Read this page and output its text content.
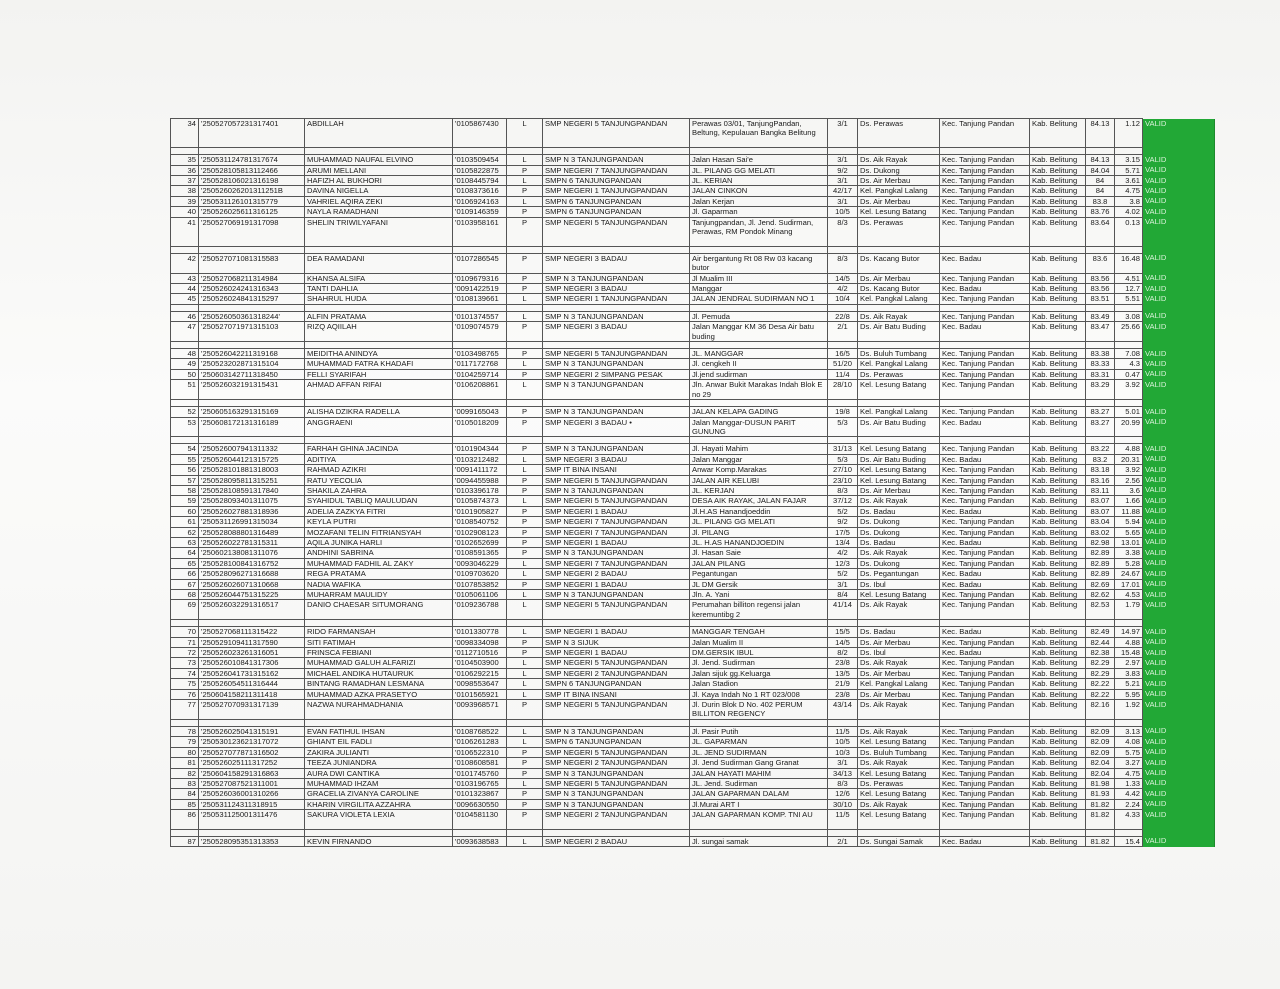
34	'250527057231317401	ABDILLAH	'0105867430	L	SMP NEGERI 5 TANJUNGPANDAN	Perawas 03/01, TanjungPandan, Beltung, Kepulauan Bangka Belitung	3/1	Ds. Perawas	Kec. Tanjung Pandan	Kab. Belitung	84.13	1.12	VALID

35	'250531124781317674	MUHAMMAD NAUFAL ELVINO	'0103509454	L	SMP N 3 TANJUNGPANDAN	Jalan Hasan Sai'e	3/1	Ds. Aik Rayak	Kec. Tanjung Pandan	Kab. Belitung	84.13	3.15	VALID
36	'250528105813112466	ARUMI MELLANI	'0105822875	P	SMP NEGERI 7 TANJUNGPANDAN	JL. PILANG GG MELATI	9/2	Ds. Dukong	Kec. Tanjung Pandan	Kab. Belitung	84.04	5.71	VALID
37	'250528106021316198	HAFIZH AL BUKHORI	'0108445794	L	SMPN 6 TANJUNGPANDAN	JL. KERIAN	3/1	Ds. Air Merbau	Kec. Tanjung Pandan	Kab. Belitung	84	3.61	VALID
38	'250526026201311251B	DAVINA NIGELLA	'0108373616	P	SMP NEGERI 1 TANJUNGPANDAN	JALAN CINKON	42/17	Kel. Pangkal Lalang	Kec. Tanjung Pandan	Kab. Belitung	84	4.75	VALID
39	'250531126101315779	VAHRIEL AQIRA ZEKI	'0106924163	L	SMPN 6 TANJUNGPANDAN	Jalan Kerjan	3/1	Ds. Air Merbau	Kec. Tanjung Pandan	Kab. Belitung	83.8	3.8	VALID
40	'250526025611316125	NAYLA RAMADHANI	'0109146359	P	SMPN 6 TANJUNGPANDAN	Jl. Gaparman	10/5	Kel. Lesung Batang	Kec. Tanjung Pandan	Kab. Belitung	83.76	4.02	VALID
41	'250527069191317098	SHELIN TRIWILYAFANI	'0103958161	P	SMP NEGERI 5 TANJUNGPANDAN	Tanjungpandan, Jl. Jend. Sudirman, Perawas, RM Pondok Minang	8/3	Ds. Perawas	Kec. Tanjung Pandan	Kab. Belitung	83.64	0.13	VALID

42	'250527071081315583	DEA RAMADANI	'0107286545	P	SMP NEGERI 3 BADAU	Air bergantung Rt 08 Rw 03 kacang butor	8/3	Ds. Kacang Butor	Kec. Badau	Kab. Belitung	83.6	16.48	VALID
43	'250527068211314984	KHANSA ALSIFA	'0109679316	P	SMP N 3 TANJUNGPANDAN	Jl Mualim III	14/5	Ds. Air Merbau	Kec. Tanjung Pandan	Kab. Belitung	83.56	4.51	VALID
44	'250526024241316343	TANTI DAHLIA	'0091422519	P	SMP NEGERI 3 BADAU	Manggar	4/2	Ds. Kacang Butor	Kec. Badau	Kab. Belitung	83.56	12.7	VALID
45	'250526024841315297	SHAHRUL HUDA	'0108139661	L	SMP NEGERI 1 TANJUNGPANDAN	JALAN JENDRAL SUDIRMAN NO 1	10/4	Kel. Pangkal Lalang	Kec. Tanjung Pandan	Kab. Belitung	83.51	5.51	VALID

46	'250526050361318244'	ALFIN PRATAMA	'0101374557	L	SMP N 3 TANJUNGPANDAN	Jl. Pemuda	22/8	Ds. Aik Rayak	Kec. Tanjung Pandan	Kab. Belitung	83.49	3.08	VALID
47	'250527071971315103	RIZQ AQIILAH	'0109074579	P	SMP NEGERI 3 BADAU	Jalan Manggar KM 36 Desa Air batu buding	2/1	Ds. Air Batu Buding	Kec. Badau	Kab. Belitung	83.47	25.66	VALID

48	'250526042211319168	MEIDITHA ANINDYA	'0103498765	P	SMP NEGERI 5 TANJUNGPANDAN	JL. MANGGAR	16/5	Ds. Buluh Tumbang	Kec. Tanjung Pandan	Kab. Belitung	83.38	7.08	VALID
49	'250523202871315104	MUHAMMAD FATRA KHADAFI	'0117172768	L	SMP N 3 TANJUNGPANDAN	Jl. cengkeh II	51/20	Kel. Pangkal Lalang	Kec. Tanjung Pandan	Kab. Belitung	83.33	4.3	VALID
50	'250603142711318450	FELLI SYARIFAH	'0104259714	P	SMP NEGERI 2 SIMPANG PESAK	Jl.jend sudirman	11/4	Ds. Perawas	Kec. Tanjung Pandan	Kab. Belitung	83.31	0.47	VALID
51	'250526032191315431	AHMAD AFFAN RIFAI	'0106208861	L	SMP N 3 TANJUNGPANDAN	Jln. Anwar Bukit Marakas Indah Blok E no 29	28/10	Kel. Lesung Batang	Kec. Tanjung Pandan	Kab. Belitung	83.29	3.92	VALID

52	'250605163291315169	ALISHA DZIKRA RADELLA	'0099165043	P	SMP N 3 TANJUNGPANDAN	JALAN KELAPA GADING	19/8	Kel. Pangkal Lalang	Kec. Tanjung Pandan	Kab. Belitung	83.27	5.01	VALID
53	'250608172131316189	ANGGRAENI	'0105018209	P	SMP NEGERI 3 BADAU •	Jalan Manggar-DUSUN PARIT GUNUNG	5/3	Ds. Air Batu Buding	Kec. Badau	Kab. Belitung	83.27	20.99	VALID

54	'250526007941311332	FARHAH GHINA JACINDA	'0101904344	P	SMP N 3 TANJUNGPANDAN	Jl. Hayati Mahim	31/13	Kel. Lesung Batang	Kec. Tanjung Pandan	Kab. Belitung	83.22	4.88	VALID
55	'250526044121315725	ADITIYA	'0103212482	L	SMP NEGERI 3 BADAU	Jalan Manggar	5/3	Ds. Air Batu Buding	Kec. Badau	Kab. Belitung	83.2	20.31	VALID
56	'250528101881318003	RAHMAD AZIKRI	'0091411172	L	SMP IT BINA INSANI	Anwar Komp.Marakas	27/10	Kel. Lesung Batang	Kec. Tanjung Pandan	Kab. Belitung	83.18	3.92	VALID
57	'250528095811315251	RATU YECOLIA	'0094455988	P	SMP NEGERI 5 TANJUNGPANDAN	JALAN AIR KELUBI	23/10	Kel. Lesung Batang	Kec. Tanjung Pandan	Kab. Belitung	83.16	2.56	VALID
58	'250528108591317840	SHAKILA ZAHRA	'0103396178	P	SMP N 3 TANJUNGPANDAN	JL. KERJAN	8/3	Ds. Air Merbau	Kec. Tanjung Pandan	Kab. Belitung	83.11	3.6	VALID
59	'250528093401311075	SYAHIDUL TABLIQ MAULUDAN	'0105874373	L	SMP NEGERI 5 TANJUNGPANDAN	DESA AIK RAYAK, JALAN FAJAR	37/12	Ds. Aik Rayak	Kec. Tanjung Pandan	Kab. Belitung	83.07	1.66	VALID
60	'250526027881318936	ADELIA ZAZKYA FITRI	'0101905827	P	SMP NEGERI 1 BADAU	Jl.H.AS Hanandjoeddin	5/2	Ds. Badau	Kec. Badau	Kab. Belitung	83.07	11.88	VALID
61	'250531126991315034	KEYLA PUTRI	'0108540752	P	SMP NEGERI 7 TANJUNGPANDAN	JL. PILANG GG MELATI	9/2	Ds. Dukong	Kec. Tanjung Pandan	Kab. Belitung	83.04	5.94	VALID
62	'250528088801316489	MOZAFANI TELIN FITRIANSYAH	'0102908123	P	SMP NEGERI 7 TANJUNGPANDAN	Jl. PILANG	17/5	Ds. Dukong	Kec. Tanjung Pandan	Kab. Belitung	83.02	5.65	VALID
63	'250526022781315311	AQILA JUNIKA HARLI	'0102652699	P	SMP NEGERI 1 BADAU	JL. H.AS HANANDJOEDIN	13/4	Ds. Badau	Kec. Badau	Kab. Belitung	82.98	13.01	VALID
64	'250602138081311076	ANDHINI SABRINA	'0108591365	P	SMP N 3 TANJUNGPANDAN	Jl. Hasan Saie	4/2	Ds. Aik Rayak	Kec. Tanjung Pandan	Kab. Belitung	82.89	3.38	VALID
65	'250528100841316752	MUHAMMAD FADHIL AL ZAKY	'0093046229	L	SMP NEGERI 7 TANJUNGPANDAN	JALAN PILANG	12/3	Ds. Dukong	Kec. Tanjung Pandan	Kab. Belitung	82.89	5.28	VALID
66	'250528096271316688	REGA PRATAMA	'0109703620	L	SMP NEGERI 2 BADAU	Pegantungan	5/2	Ds. Pegantungan	Kec. Badau	Kab. Belitung	82.89	24.67	VALID
67	'250526026071310668	NADIA WAFIKA	'0107853852	P	SMP NEGERI 1 BADAU	JL DM Gersik	3/1	Ds. Ibul	Kec. Badau	Kab. Belitung	82.69	17.01	VALID
68	'250526044751315225	MUHARRAM MAULIDY	'0105061106	L	SMP N 3 TANJUNGPANDAN	Jln. A. Yani	8/4	Kel. Lesung Batang	Kec. Tanjung Pandan	Kab. Belitung	82.62	4.53	VALID
69	'250526032291316517	DANIO CHAESAR SITUMORANG	'0109236788	L	SMP NEGERI 5 TANJUNGPANDAN	Perumahan billiton regensi jalan keremuntibg 2	41/14	Ds. Aik Rayak	Kec. Tanjung Pandan	Kab. Belitung	82.53	1.79	VALID

70	'250527068111315422	RIDO FARMANSAH	'0101330778	L	SMP NEGERI 1 BADAU	MANGGAR TENGAH	15/5	Ds. Badau	Kec. Badau	Kab. Belitung	82.49	14.97	VALID
71	'250529109411317590	SITI FATIMAH	'0098334098	P	SMP N 3 SIJUK	Jalan Mualim II	14/5	Ds. Air Merbau	Kec. Tanjung Pandan	Kab. Belitung	82.44	4.88	VALID
72	'250526023261316051	FRINSCA FEBIANI	'0112710516	P	SMP NEGERI 1 BADAU	DM.GERSIK IBUL	8/2	Ds. Ibul	Kec. Badau	Kab. Belitung	82.38	15.48	VALID
73	'250526010841317306	MUHAMMAD GALUH ALFARIZI	'0104503900	L	SMP NEGERI 5 TANJUNGPANDAN	Jl. Jend. Sudirman	23/8	Ds. Aik Rayak	Kec. Tanjung Pandan	Kab. Belitung	82.29	2.97	VALID
74	'250526041731315162	MICHAEL ANDIKA HUTAURUK	'0106292215	L	SMP NEGERI 2 TANJUNGPANDAN	Jalan sijuk gg.Keluarga	13/5	Ds. Air Merbau	Kec. Tanjung Pandan	Kab. Belitung	82.29	3.83	VALID
75	'250526054511316444	BINTANG RAMADHAN LESMANA	'0098553647	L	SMPN 6 TANJUNGPANDAN	Jalan Stadion	21/9	Kel. Pangkal Lalang	Kec. Tanjung Pandan	Kab. Belitung	82.22	5.21	VALID
76	'250604158211311418	MUHAMMAD AZKA PRASETYO	'0101565921	L	SMP IT BINA INSANI	Jl. Kaya Indah No 1 RT 023/008	23/8	Ds. Air Merbau	Kec. Tanjung Pandan	Kab. Belitung	82.22	5.95	VALID
77	'250527070931317139	NAZWA NURAHMADHANIA	'0093968571	P	SMP NEGERI 5 TANJUNGPANDAN	Jl. Durin Blok D No. 402 PERUM BILLITON REGENCY	43/14	Ds. Aik Rayak	Kec. Tanjung Pandan	Kab. Belitung	82.16	1.92	VALID

78	'250526025041315191	EVAN FATIHUL IHSAN	'0108768522	L	SMP N 3 TANJUNGPANDAN	Jl. Pasir Putih	11/5	Ds. Aik Rayak	Kec. Tanjung Pandan	Kab. Belitung	82.09	3.13	VALID
79	'250530123621317072	GHIANT EIL FADLI	'0106261283	L	SMPN 6 TANJUNGPANDAN	JL. GAPARMAN	10/5	Kel. Lesung Batang	Kec. Tanjung Pandan	Kab. Belitung	82.09	4.08	VALID
80	'250527077871316502	ZAKIRA JULIANTI	'0106522310	P	SMP NEGERI 5 TANJUNGPANDAN	JL. JEND SUDIRMAN	10/3	Ds. Buluh Tumbang	Kec. Tanjung Pandan	Kab. Belitung	82.09	5.75	VALID
81	'250526025111317252	TEEZA JUNIANDRA	'0108608581	P	SMP NEGERI 2 TANJUNGPANDAN	Jl. Jend Sudirman Gang Granat	3/1	Ds. Aik Rayak	Kec. Tanjung Pandan	Kab. Belitung	82.04	3.27	VALID
82	'250604158291316863	AURA DWI CANTIKA	'0101745760	P	SMP N 3 TANJUNGPANDAN	JALAN HAYATI MAHIM	34/13	Kel. Lesung Batang	Kec. Tanjung Pandan	Kab. Belitung	82.04	4.75	VALID
83	'250527087521311001	MUHAMMAD IHZAM	'0103196765	L	SMP NEGERI 5 TANJUNGPANDAN	JL. Jend. Sudirman	8/3	Ds. Perawas	Kec. Tanjung Pandan	Kab. Belitung	81.98	1.33	VALID
84	'250526036001310266	GRACELIA ZIVANYA CAROLINE	'0101323867	P	SMP N 3 TANJUNGPANDAN	JALAN GAPARMAN DALAM	12/6	Kel. Lesung Batang	Kec. Tanjung Pandan	Kab. Belitung	81.93	4.42	VALID
85	'250531124311318915	KHARIN VIRGILITA AZZAHRA	'0096630550	P	SMP N 3 TANJUNGPANDAN	Jl.Murai ART I	30/10	Ds. Aik Rayak	Kec. Tanjung Pandan	Kab. Belitung	81.82	2.24	VALID
86	'250531125001311476	SAKURA VIOLETA LEXIA	'0104581130	P	SMP NEGERI 2 TANJUNGPANDAN	JALAN GAPARMAN KOMP. TNI AU	11/5	Kel. Lesung Batang	Kec. Tanjung Pandan	Kab. Belitung	81.82	4.33	VALID

87	'250528095351313353	KEVIN FIRNANDO	'0093638583	L	SMP NEGERI 2 BADAU	Jl. sungai samak	2/1	Ds. Sungai Samak	Kec. Badau	Kab. Belitung	81.82	15.4	VALID
